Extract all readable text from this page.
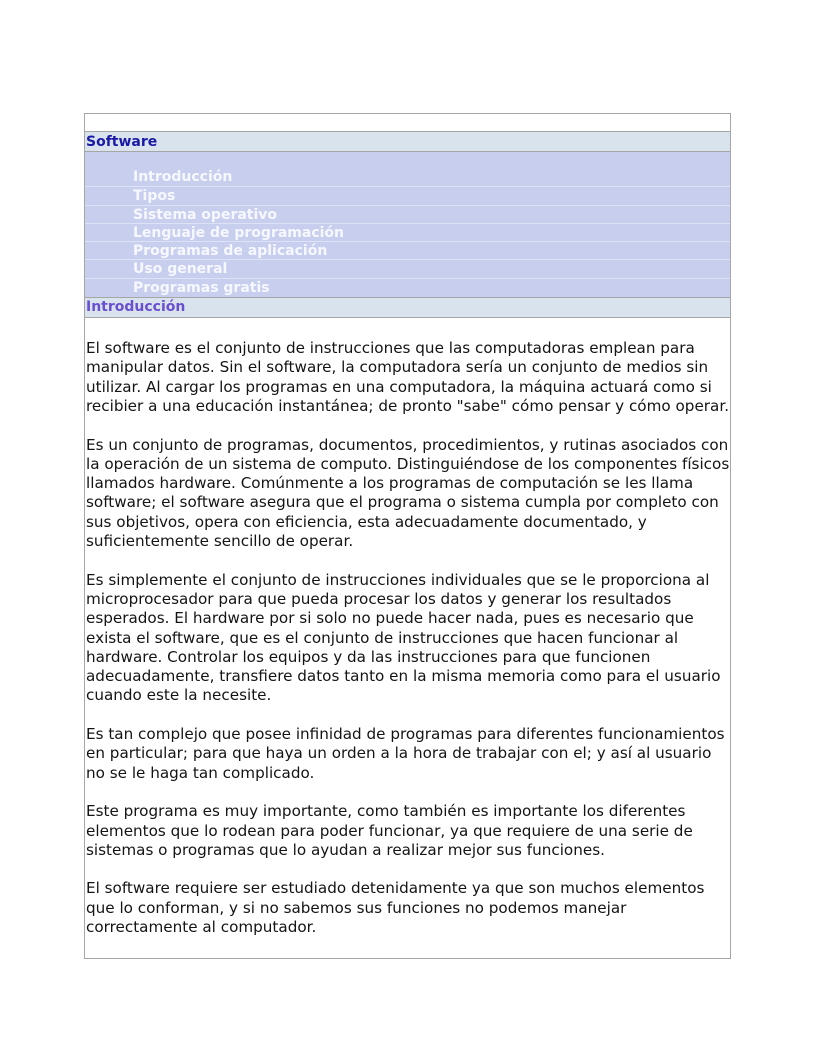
Software
Introducción
Tipos
Sistema operativo
Lenguaje de programación
Programas de aplicación
Uso general
Programas gratis
Introducción

El software es el conjunto de instrucciones que las computadoras emplean para manipular datos. Sin el software, la computadora sería un conjunto de medios sin utilizar. Al cargar los programas en una computadora, la máquina actuará como si recibier a una educación instantánea; de pronto "sabe" cómo pensar y cómo operar.

Es un conjunto de programas, documentos, procedimientos, y rutinas asociados con la operación de un sistema de computo. Distinguiéndose de los componentes físicos llamados hardware. Comúnmente a los programas de computación se les llama software; el software asegura que el programa o sistema cumpla por completo con sus objetivos, opera con eficiencia, esta adecuadamente documentado, y suficientemente sencillo de operar.

Es simplemente el conjunto de instrucciones individuales que se le proporciona al microprocesador para que pueda procesar los datos y generar los resultados esperados. El hardware por si solo no puede hacer nada, pues es necesario que exista el software, que es el conjunto de instrucciones que hacen funcionar al hardware. Controlar los equipos y da las instrucciones para que funcionen adecuadamente, transfiere datos tanto en la misma memoria como para el usuario cuando este la necesite.

Es tan complejo que posee infinidad de programas para diferentes funcionamientos en particular; para que haya un orden a la hora de trabajar con el; y así al usuario no se le haga tan complicado.

Este programa es muy importante, como también es importante los diferentes elementos que lo rodean para poder funcionar, ya que requiere de una serie de sistemas o programas que lo ayudan a realizar mejor sus funciones.

El software requiere ser estudiado detenidamente ya que son muchos elementos que lo conforman, y si no sabemos sus funciones no podemos manejar correctamente al computador.
